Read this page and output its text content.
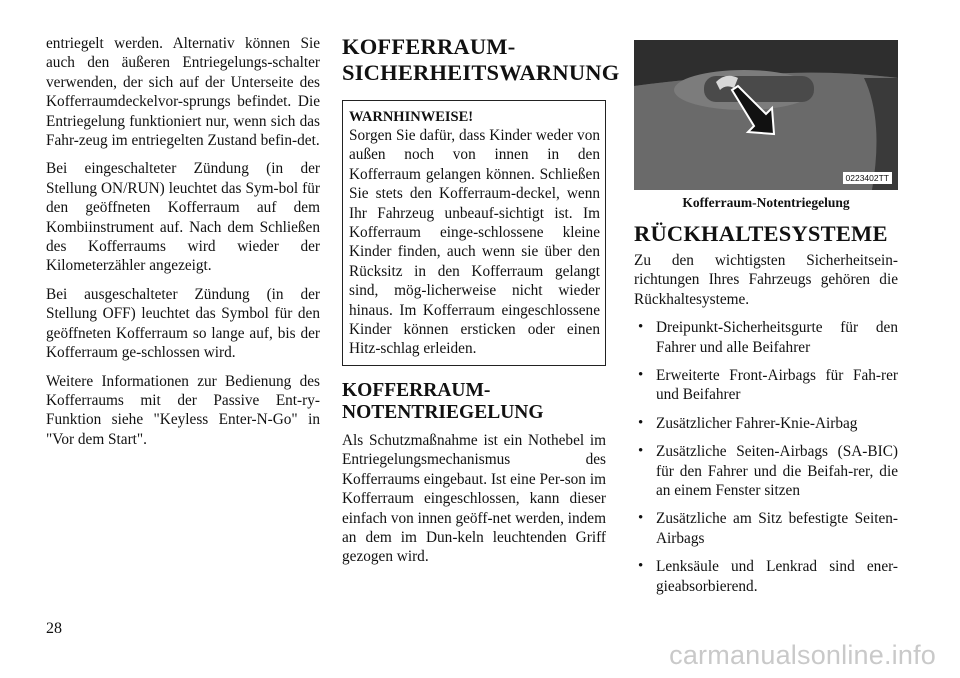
entriegelt werden. Alternativ können Sie auch den äußeren Entriegelungs-schalter verwenden, der sich auf der Unterseite des Kofferraumdeckelvor-sprungs befindet. Die Entriegelung funktioniert nur, wenn sich das Fahr-zeug im entriegelten Zustand befin-det.

Bei eingeschalteter Zündung (in der Stellung ON/RUN) leuchtet das Sym-bol für den geöffneten Kofferraum auf dem Kombiinstrument auf. Nach dem Schließen des Kofferraums wird wieder der Kilometerzähler angezeigt.

Bei ausgeschalteter Zündung (in der Stellung OFF) leuchtet das Symbol für den geöffneten Kofferraum so lange auf, bis der Kofferraum ge-schlossen wird.

Weitere Informationen zur Bedienung des Kofferraums mit der Passive Ent-ry-Funktion siehe "Keyless Enter-N-Go" in "Vor dem Start".

KOFFERRAUM-SICHERHEITSWARNUNG
WARNHINWEISE!

Sorgen Sie dafür, dass Kinder weder von außen noch von innen in den Kofferraum gelangen können. Schließen Sie stets den Kofferraum-deckel, wenn Ihr Fahrzeug unbeauf-sichtigt ist. Im Kofferraum einge-schlossene kleine Kinder finden, auch wenn sie über den Rücksitz in den Kofferraum gelangt sind, mög-licherweise nicht wieder hinaus. Im Kofferraum eingeschlossene Kinder können ersticken oder einen Hitz-schlag erleiden.

KOFFERRAUM-NOTENTRIEGELUNG

Als Schutzmaßnahme ist ein Nothebel im Entriegelungsmechanismus des Kofferraums eingebaut. Ist eine Per-son im Kofferraum eingeschlossen, kann dieser einfach von innen geöff-net werden, indem an dem im Dun-keln leuchtenden Griff gezogen wird.

0223402TT
Kofferraum-Notentriegelung
RÜCKHALTESYSTEME

Zu den wichtigsten Sicherheitsein-richtungen Ihres Fahrzeugs gehören die Rückhaltesysteme.

• Dreipunkt-Sicherheitsgurte für den Fahrer und alle Beifahrer
• Erweiterte Front-Airbags für Fah-rer und Beifahrer
• Zusätzlicher Fahrer-Knie-Airbag
• Zusätzliche Seiten-Airbags (SA-BIC) für den Fahrer und die Beifah-rer, die an einem Fenster sitzen
• Zusätzliche am Sitz befestigte Seiten-Airbags
• Lenksäule und Lenkrad sind ener-gieabsorbierend.
28
carmanualsonline.info
